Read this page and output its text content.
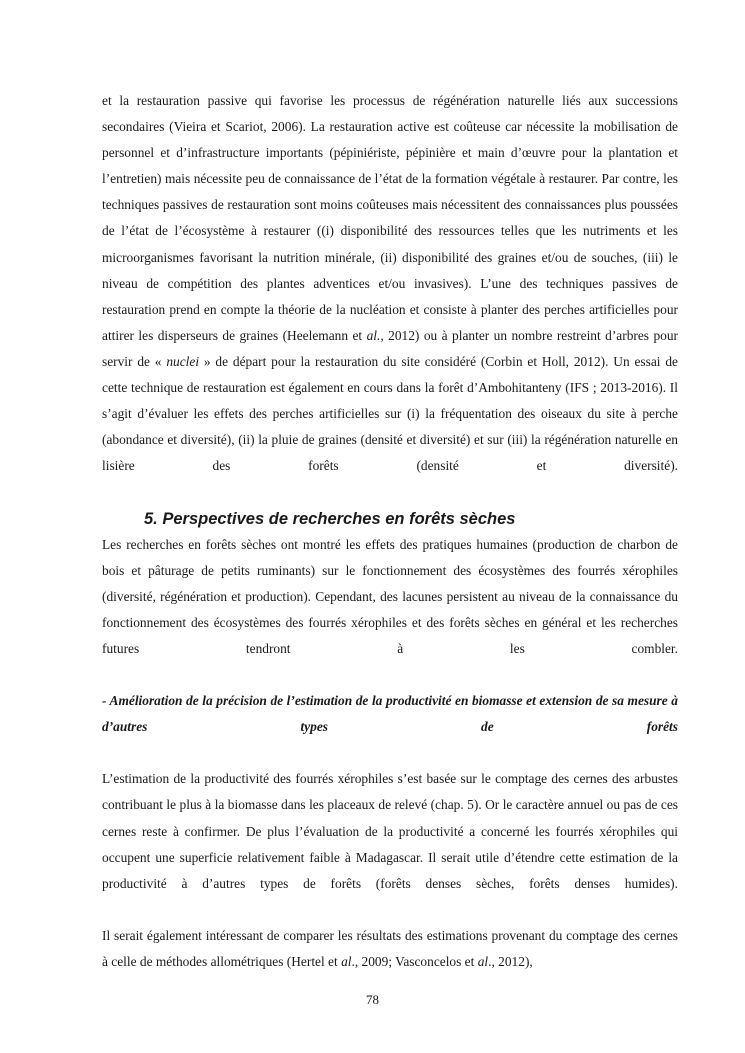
et la restauration passive qui favorise les processus de régénération naturelle liés aux successions secondaires (Vieira et Scariot, 2006). La restauration active est coûteuse car nécessite la mobilisation de personnel et d’infrastructure importants (pépiniériste, pépinière et main d’œuvre pour la plantation et l’entretien) mais nécessite peu de connaissance de l’état de la formation végétale à restaurer. Par contre, les techniques passives de restauration sont moins coûteuses mais nécessitent des connaissances plus poussées de l’état de l’écosystème à restaurer ((i) disponibilité des ressources telles que les nutriments et les microorganismes favorisant la nutrition minérale, (ii) disponibilité des graines et/ou de souches, (iii) le niveau de compétition des plantes adventices et/ou invasives). L’une des techniques passives de restauration prend en compte la théorie de la nucléation et consiste à planter des perches artificielles pour attirer les disperseurs de graines (Heelemann et al., 2012) ou à planter un nombre restreint d’arbres pour servir de « nuclei » de départ pour la restauration du site considéré (Corbin et Holl, 2012). Un essai de cette technique de restauration est également en cours dans la forêt d’Ambohitanteny (IFS ; 2013-2016). Il s’agit d’évaluer les effets des perches artificielles sur (i) la fréquentation des oiseaux du site à perche (abondance et diversité), (ii) la pluie de graines (densité et diversité) et sur (iii) la régénération naturelle en lisière des forêts (densité et diversité).

5. Perspectives de recherches en forêts sèches

Les recherches en forêts sèches ont montré les effets des pratiques humaines (production de charbon de bois et pâturage de petits ruminants) sur le fonctionnement des écosystèmes des fourrés xérophiles (diversité, régénération et production). Cependant, des lacunes persistent au niveau de la connaissance du fonctionnement des écosystèmes des fourrés xérophiles et des forêts sèches en général et les recherches futures tendront à les combler.

- Amélioration de la précision de l’estimation de la productivité en biomasse et extension de sa mesure à d’autres types de forêts

L’estimation de la productivité des fourrés xérophiles s’est basée sur le comptage des cernes des arbustes contribuant le plus à la biomasse dans les placeaux de relevé (chap. 5). Or le caractère annuel ou pas de ces cernes reste à confirmer. De plus l’évaluation de la productivité a concerné les fourrés xérophiles qui occupent une superficie relativement faible à Madagascar. Il serait utile d’étendre cette estimation de la productivité à d’autres types de forêts (forêts denses sèches, forêts denses humides).

Il serait également intéressant de comparer les résultats des estimations provenant du comptage des cernes à celle de méthodes allométriques (Hertel et al., 2009; Vasconcelos et al., 2012),

78
